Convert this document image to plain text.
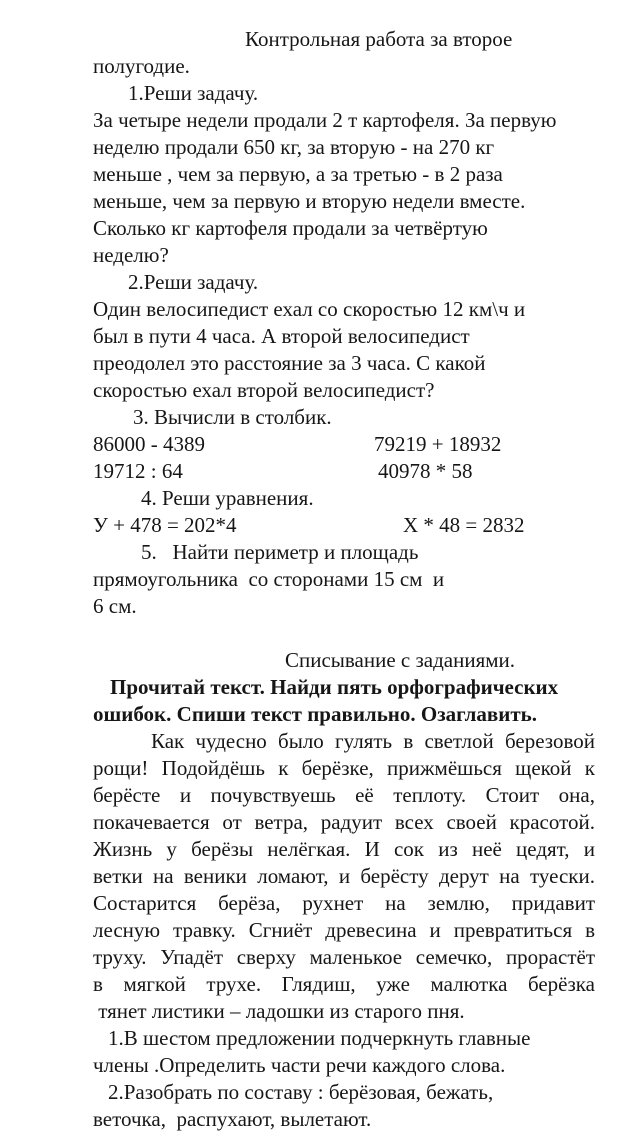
Контрольная работа за второе
полугодие.
1.Реши задачу.
За четыре недели продали 2 т картофеля. За первую
неделю продали 650 кг, за вторую - на 270 кг
меньше , чем за первую, а за третью - в 2 раза
меньше, чем за первую и вторую недели вместе.
Сколько кг картофеля продали за четвёртую
неделю?
2.Реши задачу.
Один велосипедист ехал со скоростью 12 км\ч и
был в пути 4 часа. А второй велосипедист
преодолел это расстояние за 3 часа. С какой
скоростью ехал второй велосипедист?
3. Вычисли в столбик.
86000 - 4389	79219 + 18932
19712 : 64	40978 * 58
4. Реши уравнения.
У + 478 = 202*4	Х * 48 = 2832
5.   Найти периметр и площадь
прямоугольника  со сторонами 15 см  и
6 см.
Списывание с заданиями.
Прочитай текст. Найди пять орфографических
ошибок. Спиши текст правильно. Озаглавить.
Как чудесно было гулять в светлой березовой
рощи! Подойдёшь к берёзке, прижмёшься щекой к
берёсте и почувствуешь её теплоту. Стоит она,
покачевается от ветра, радуит всех своей красотой.
Жизнь у берёзы нелёгкая. И сок из неё цедят, и
ветки на веники ломают, и берёсту дерут на туески.
Состарится берёза, рухнет на землю, придавит
лесную травку. Сгниёт древесина и превратиться в
труху. Упадёт сверху маленькое семечко, прорастёт
в мягкой трухе. Глядиш, уже малютка берёзка
тянет листики – ладошки из старого пня.
1.В шестом предложении подчеркнуть главные
члены .Определить части речи каждого слова.
2.Разобрать по составу : берёзовая, бежать,
веточка,  распухают, вылетают.
